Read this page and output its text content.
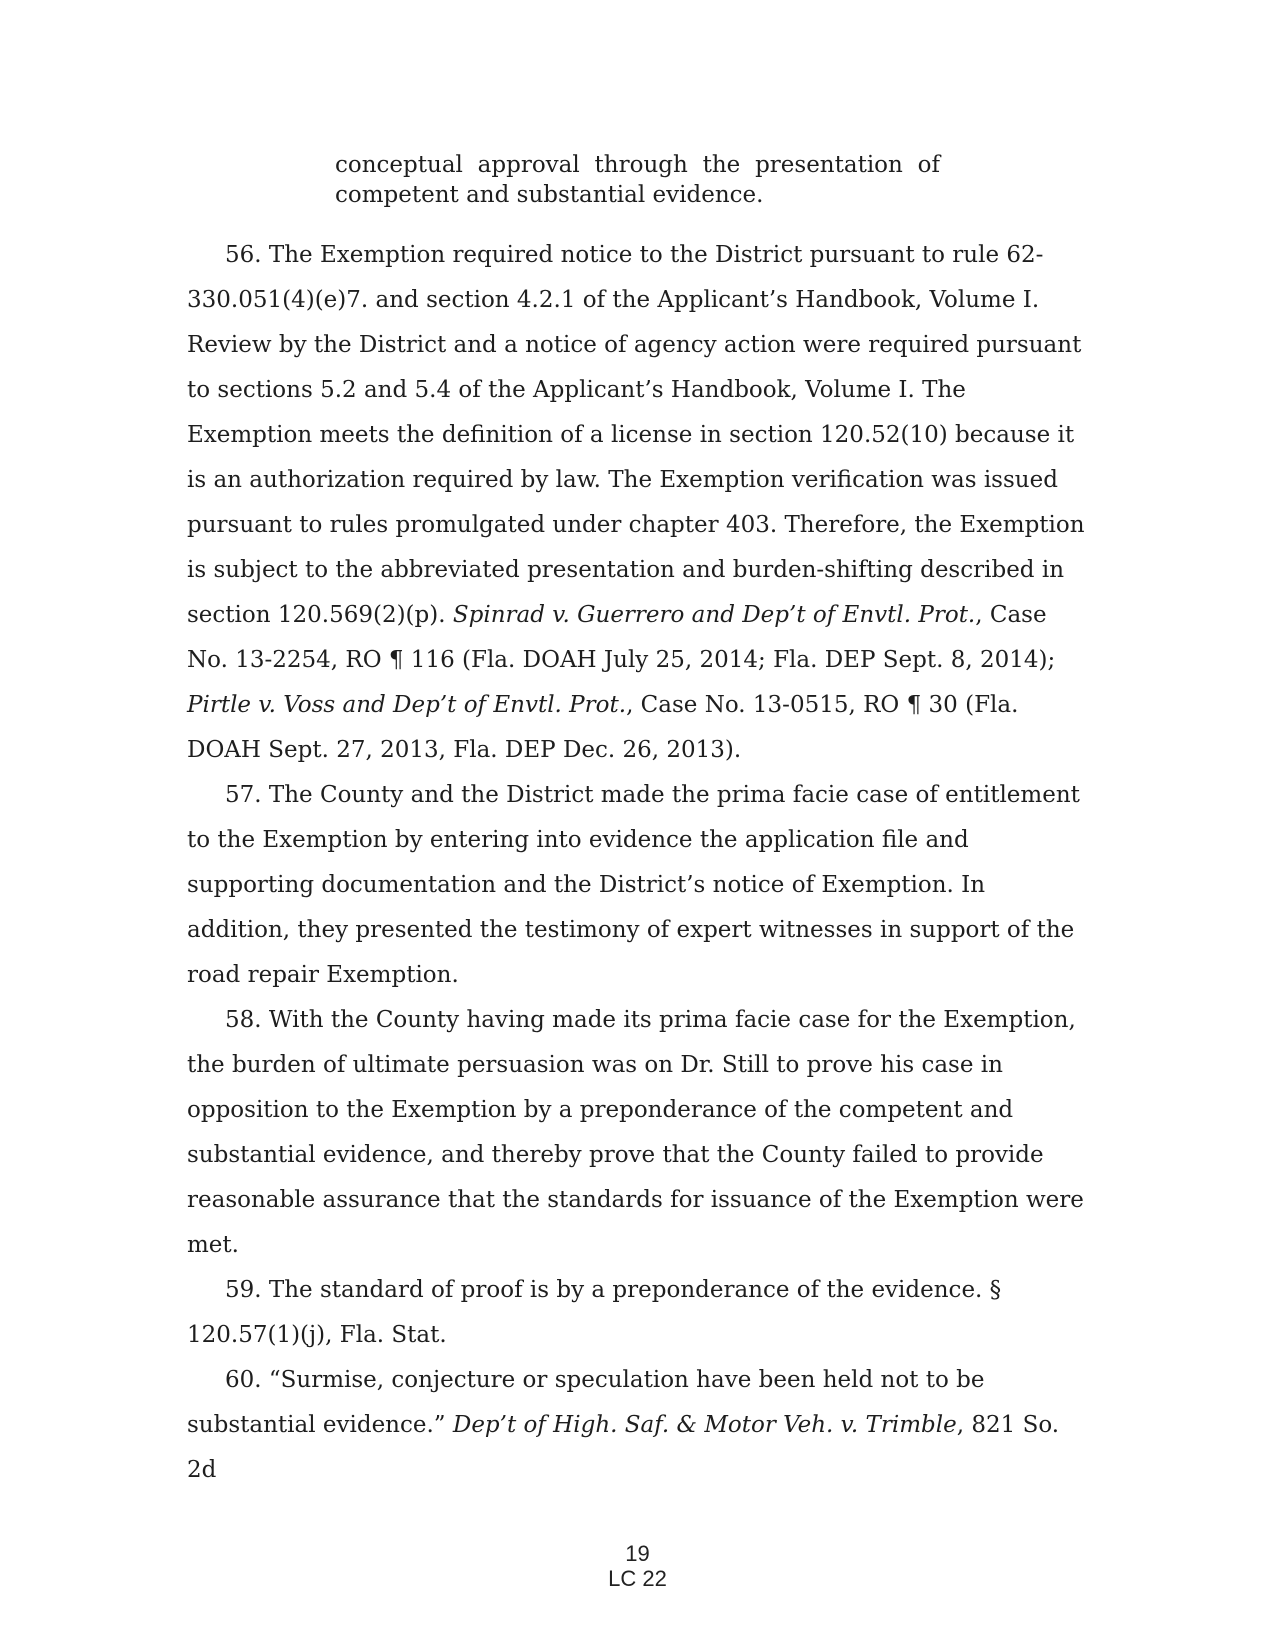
conceptual approval through the presentation of competent and substantial evidence.

56. The Exemption required notice to the District pursuant to rule 62-330.051(4)(e)7. and section 4.2.1 of the Applicant’s Handbook, Volume I. Review by the District and a notice of agency action were required pursuant to sections 5.2 and 5.4 of the Applicant’s Handbook, Volume I. The Exemption meets the definition of a license in section 120.52(10) because it is an authorization required by law. The Exemption verification was issued pursuant to rules promulgated under chapter 403. Therefore, the Exemption is subject to the abbreviated presentation and burden-shifting described in section 120.569(2)(p). Spinrad v. Guerrero and Dep’t of Envtl. Prot., Case No. 13-2254, RO ¶ 116 (Fla. DOAH July 25, 2014; Fla. DEP Sept. 8, 2014); Pirtle v. Voss and Dep’t of Envtl. Prot., Case No. 13-0515, RO ¶ 30 (Fla. DOAH Sept. 27, 2013, Fla. DEP Dec. 26, 2013).

57. The County and the District made the prima facie case of entitlement to the Exemption by entering into evidence the application file and supporting documentation and the District’s notice of Exemption. In addition, they presented the testimony of expert witnesses in support of the road repair Exemption.

58. With the County having made its prima facie case for the Exemption, the burden of ultimate persuasion was on Dr. Still to prove his case in opposition to the Exemption by a preponderance of the competent and substantial evidence, and thereby prove that the County failed to provide reasonable assurance that the standards for issuance of the Exemption were met.

59. The standard of proof is by a preponderance of the evidence. § 120.57(1)(j), Fla. Stat.

60. “Surmise, conjecture or speculation have been held not to be substantial evidence.” Dep’t of High. Saf. & Motor Veh. v. Trimble, 821 So. 2d

19
LC 22
